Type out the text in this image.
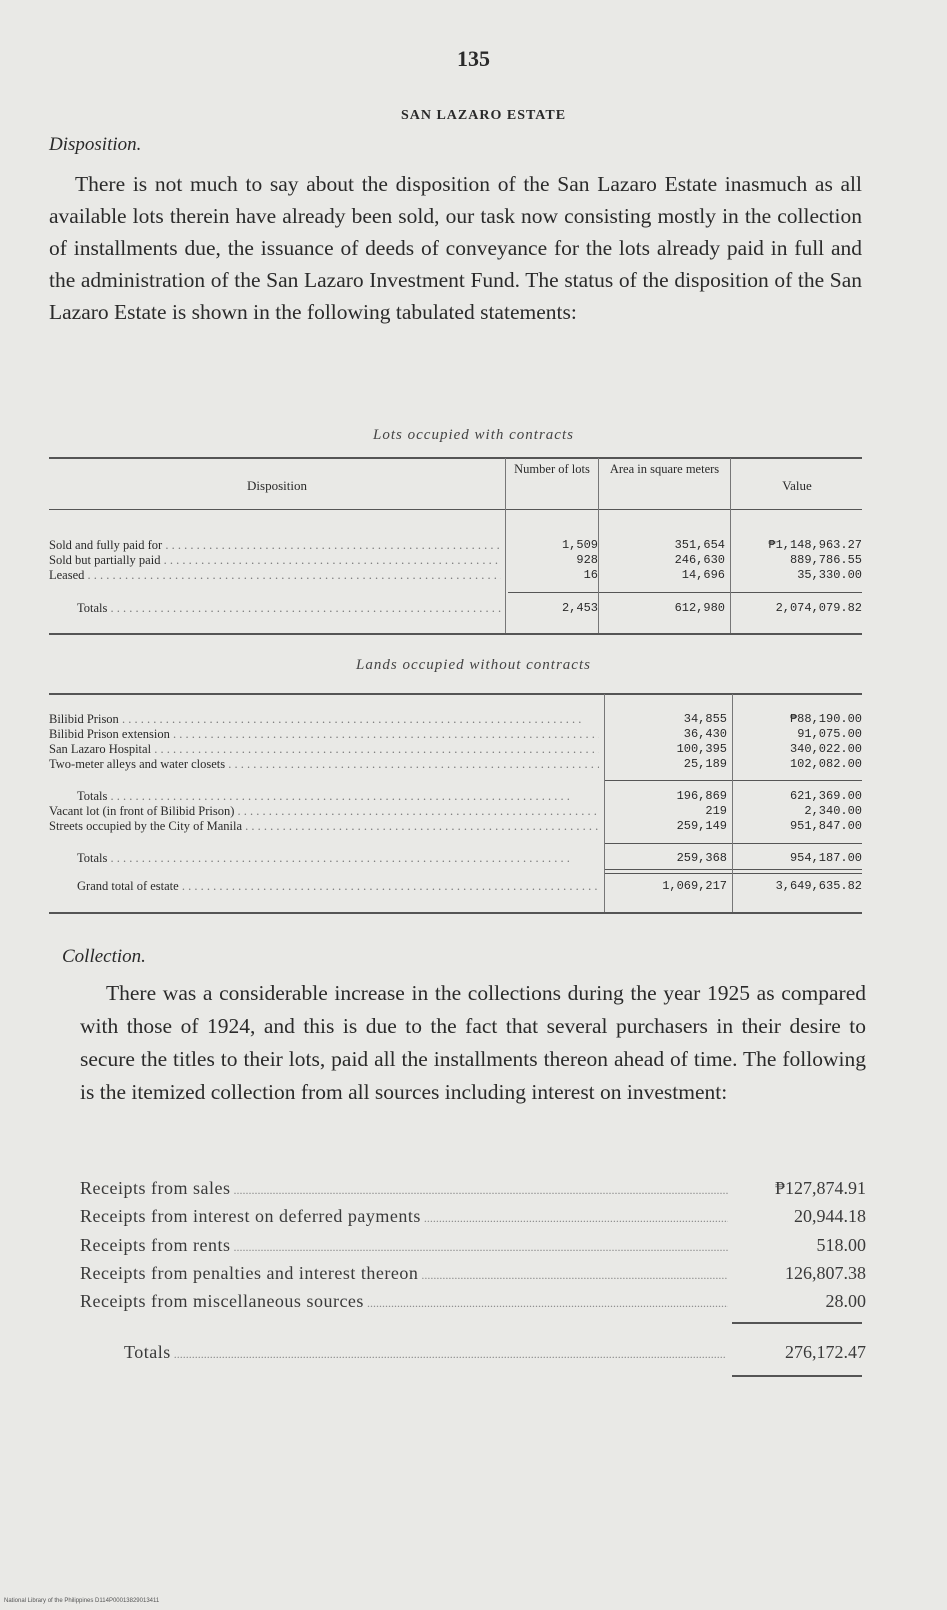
135
SAN LAZARO ESTATE
Disposition.
There is not much to say about the disposition of the San Lazaro Estate inasmuch as all available lots therein have already been sold, our task now consisting mostly in the collection of installments due, the issuance of deeds of conveyance for the lots already paid in full and the administration of the San Lazaro Investment Fund. The status of the disposition of the San Lazaro Estate is shown in the following tabulated statements:
Lots occupied with contracts
Disposition
Number of lots	Area in square meters
Value
Sold and fully paid for . . .	1,509	351,654	₱1,148,963.27
Sold but partially paid . . .	928	246,630	889,786.55
Leased . . .	16	14,696	35,330.00
Totals . . .	2,453	612,980	2,074,079.82
Lands occupied without contracts
Bilibid Prison . . .	34,855	₱88,190.00
Bilibid Prison extension . . .	36,430	91,075.00
San Lazaro Hospital . . .	100,395	340,022.00
Two-meter alleys and water closets . . .	25,189	102,082.00
Totals . . .	196,869	621,369.00
Vacant lot (in front of Bilibid Prison) . . .	219	2,340.00
Streets occupied by the City of Manila . . .	259,149	951,847.00
Totals . . .	259,368	954,187.00
Grand total of estate . . .	1,069,217	3,649,635.82
Collection.
There was a considerable increase in the collections during the year 1925 as compared with those of 1924, and this is due to the fact that several purchasers in their desire to secure the titles to their lots, paid all the installments thereon ahead of time. The following is the itemized collection from all sources including interest on investment:
Receipts from sales .....	₱127,874.91
Receipts from interest on deferred payments .....	20,944.18
Receipts from rents .....	518.00
Receipts from penalties and interest thereon .....	126,807.38
Receipts from miscellaneous sources .....	28.00
Totals .....	276,172.47
National Library of the Philippines D114P00013829013411
